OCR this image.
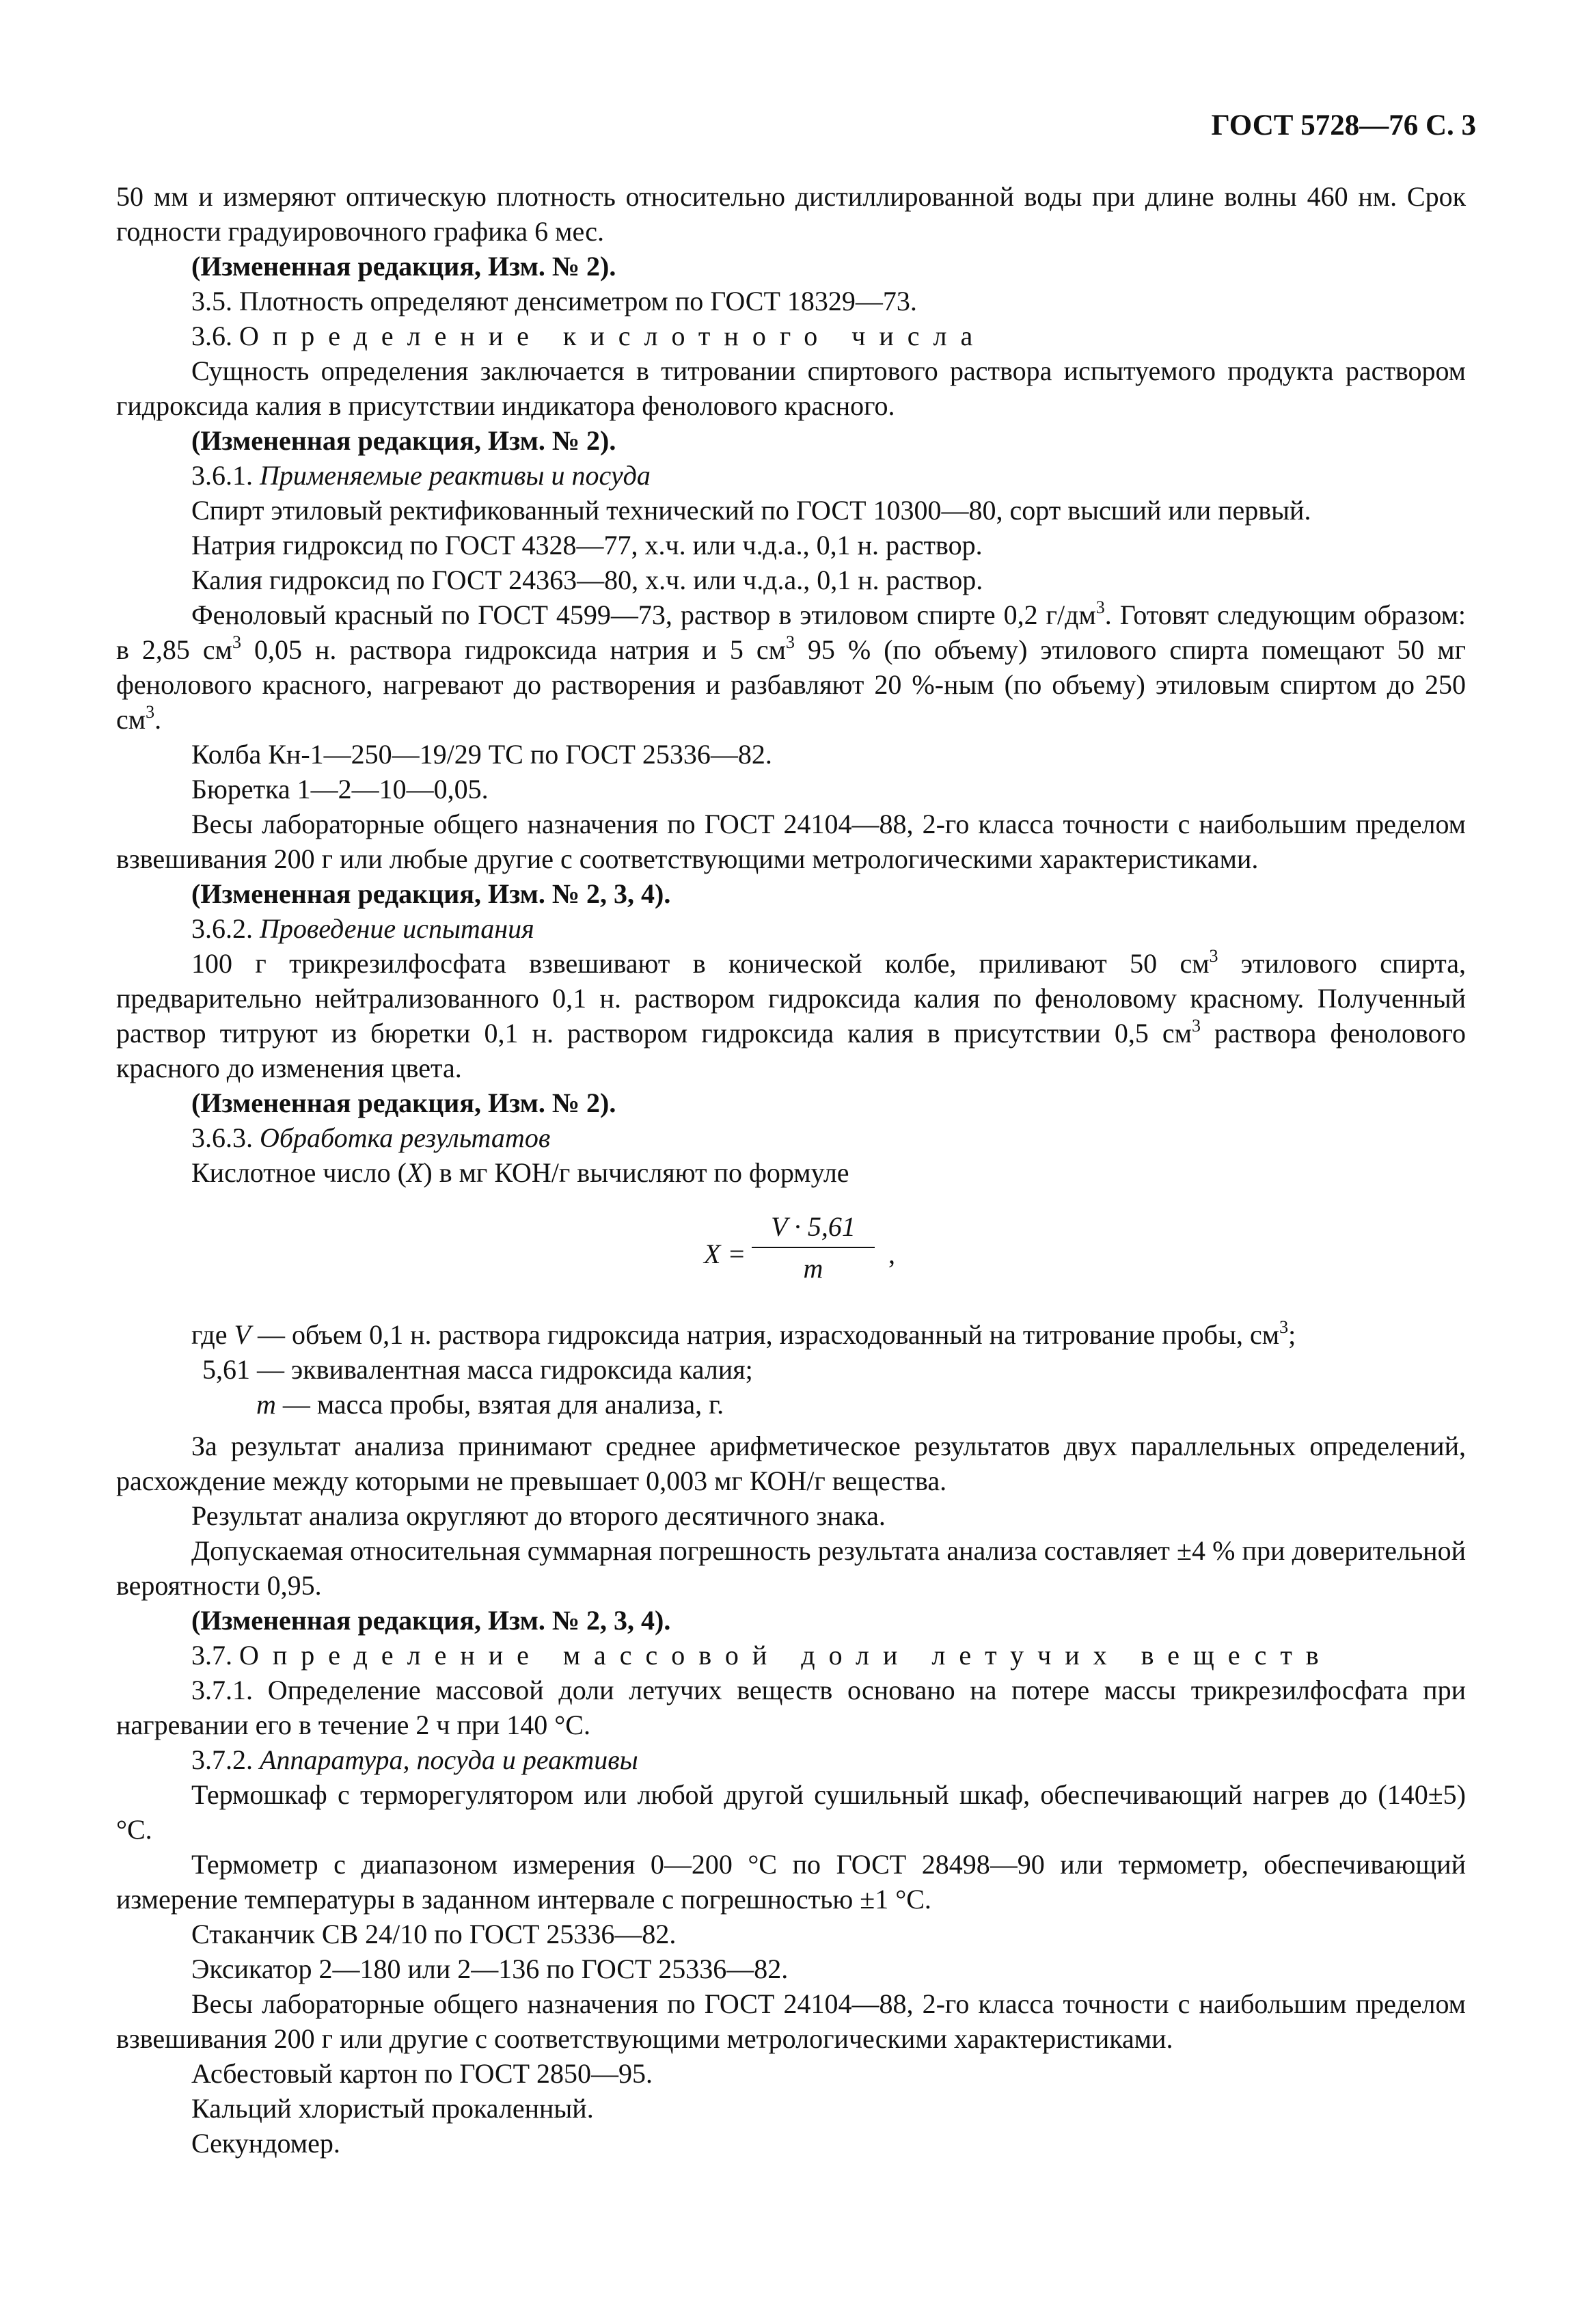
ГОСТ 5728—76 С. 3

50 мм и измеряют оптическую плотность относительно дистиллированной воды при длине волны 460 нм. Срок годности градуировочного графика 6 мес.

(Измененная редакция, Изм. № 2).

3.5. Плотность определяют денсиметром по ГОСТ 18329—73.

3.6. Определение кислотного числа

Сущность определения заключается в титровании спиртового раствора испытуемого продукта раствором гидроксида калия в присутствии индикатора фенолового красного.

(Измененная редакция, Изм. № 2).

3.6.1. Применяемые реактивы и посуда

Спирт этиловый ректификованный технический по ГОСТ 10300—80, сорт высший или первый.

Натрия гидроксид по ГОСТ 4328—77, х.ч. или ч.д.а., 0,1 н. раствор.

Калия гидроксид по ГОСТ 24363—80, х.ч. или ч.д.а., 0,1 н. раствор.

Феноловый красный по ГОСТ 4599—73, раствор в этиловом спирте 0,2 $г/дм^3$. Готовят следующим образом: в 2,85 $см^3$ 0,05 н. раствора гидроксида натрия и 5 $см^3$ 95 % (по объему) этилового спирта помещают 50 мг фенолового красного, нагревают до растворения и разбавляют 20 %-ным (по объему) этиловым спиртом до 250 $см^3$.

Колба Кн-1—250—19/29 ТС по ГОСТ 25336—82.

Бюретка 1—2—10—0,05.

Весы лабораторные общего назначения по ГОСТ 24104—88, 2-го класса точности с наибольшим пределом взвешивания 200 г или любые другие с соответствующими метрологическими характеристиками.

(Измененная редакция, Изм. № 2, 3, 4).

3.6.2. Проведение испытания

100 г трикрезилфосфата взвешивают в конической колбе, приливают 50 $см^3$ этилового спирта, предварительно нейтрализованного 0,1 н. раствором гидроксида калия по феноловому красному. Полученный раствор титруют из бюретки 0,1 н. раствором гидроксида калия в присутствии 0,5 $см^3$ раствора фенолового красного до изменения цвета.

(Измененная редакция, Изм. № 2).

3.6.3. Обработка результатов

Кислотное число (X) в мг КОН/г вычисляют по формуле

$X = \frac{V \cdot 5,61}{m}$ ,

где V — объем 0,1 н. раствора гидроксида натрия, израсходованный на титрование пробы, $см^3$;

5,61 — эквивалентная масса гидроксида калия;

m — масса пробы, взятая для анализа, г.

За результат анализа принимают среднее арифметическое результатов двух параллельных определений, расхождение между которыми не превышает 0,003 мг КОН/г вещества.

Результат анализа округляют до второго десятичного знака.

Допускаемая относительная суммарная погрешность результата анализа составляет ±4 % при доверительной вероятности 0,95.

(Измененная редакция, Изм. № 2, 3, 4).

3.7. Определение массовой доли летучих веществ

3.7.1. Определение массовой доли летучих веществ основано на потере массы трикрезилфосфата при нагревании его в течение 2 ч при 140 °С.

3.7.2. Аппаратура, посуда и реактивы

Термошкаф с терморегулятором или любой другой сушильный шкаф, обеспечивающий нагрев до (140±5) °С.

Термометр с диапазоном измерения 0—200 °С по ГОСТ 28498—90 или термометр, обеспечивающий измерение температуры в заданном интервале с погрешностью ±1 °С.

Стаканчик СВ 24/10 по ГОСТ 25336—82.

Эксикатор 2—180 или 2—136 по ГОСТ 25336—82.

Весы лабораторные общего назначения по ГОСТ 24104—88, 2-го класса точности с наибольшим пределом взвешивания 200 г или другие с соответствующими метрологическими характеристиками.

Асбестовый картон по ГОСТ 2850—95.

Кальций хлористый прокаленный.

Секундомер.
